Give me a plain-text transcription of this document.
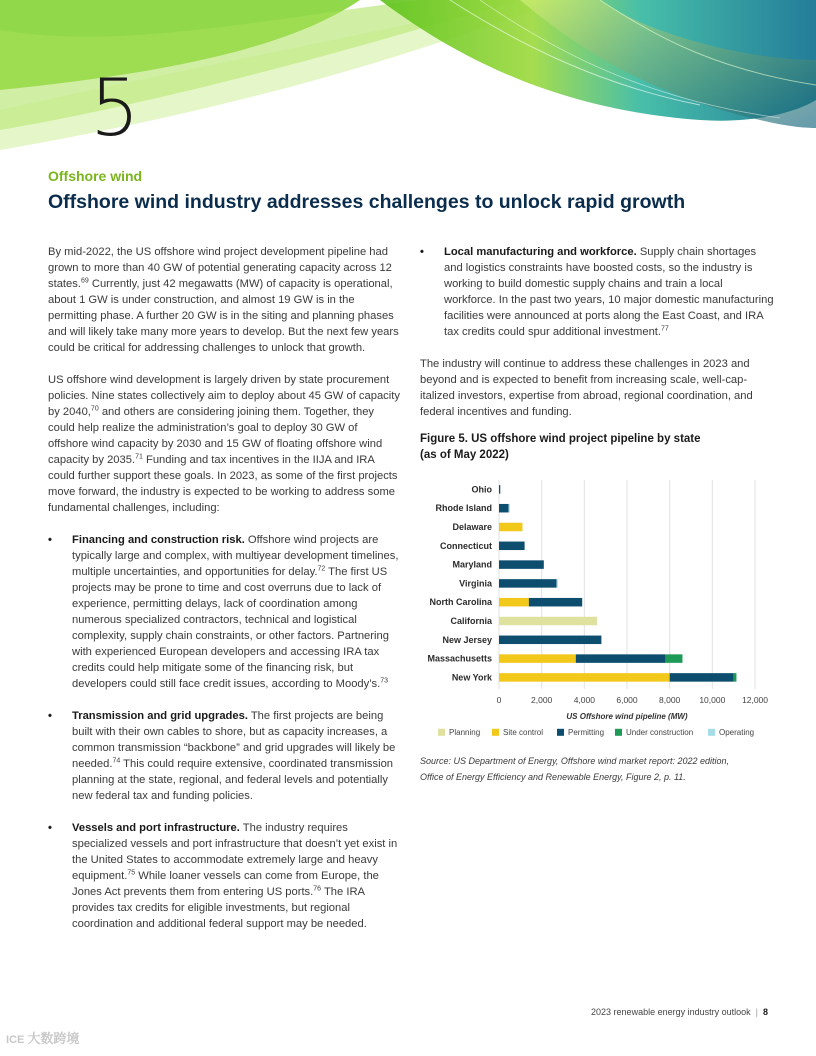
5
Offshore wind
Offshore wind industry addresses challenges to unlock rapid growth

By mid-2022, the US offshore wind project development pipeline had grown to more than 40 GW of potential generating capacity across 12 states.$^{69}$ Currently, just 42 megawatts (MW) of capacity is operational, about 1 GW is under construction, and almost 19 GW is in the permitting phase. A further 20 GW is in the siting and planning phases and will likely take many more years to develop. But the next few years could be critical for addressing challenges to unlock that growth.

US offshore wind development is largely driven by state procurement policies. Nine states collectively aim to deploy about 45 GW of capacity by 2040,70 and others are considering joining them. Together, they could help realize the administration’s goal to deploy 30 GW of offshore wind capacity by 2030 and 15 GW of floating offshore wind capacity by 2035.71 Funding and tax incentives in the IIJA and IRA could further support these goals. In 2023, as some of the first projects move forward, the industry is expected to be working to address some fundamental challenges, including:

• Financing and construction risk. Offshore wind projects are typically large and complex, with multiyear development timelines, multiple uncertainties, and opportunities for delay.$^{72}$ The first US projects may be prone to time and cost overruns due to lack of experience, permitting delays, lack of coordination among numerous specialized contractors, technical and logistical complexity, supply chain constraints, or other factors. Partnering with experienced European developers and accessing IRA tax credits could help mitigate some of the financing risk, but developers could still face credit issues, according to Moody’s.$^{73}$
• Transmission and grid upgrades. The first projects are being built with their own cables to shore, but as capacity increases, a common transmission “backbone” and grid upgrades will likely be needed.$^{74}$ This could require extensive, coordinated transmission planning at the state, regional, and federal levels and potentially new federal tax and funding policies.
• Vessels and port infrastructure. The industry requires specialized vessels and port infrastructure that doesn’t yet exist in the United States to accommodate extremely large and heavy equipment.$^{75}$ While loaner vessels can come from Europe, the Jones Act prevents them from entering US ports.$^{76}$ The IRA provides tax credits for eligible investments, but regional coordination and additional federal support may be needed.
• Local manufacturing and workforce. Supply chain shortages and logistics constraints have boosted costs, so the industry is working to build domestic supply chains and train a local workforce. In the past two years, 10 major domestic manufacturing facilities were announced at ports along the East Coast, and IRA tax credits could spur additional investment.$^{77}$

The industry will continue to address these challenges in 2023 and beyond and is expected to benefit from increasing scale, well-cap-italized investors, expertise from abroad, regional coordination, and federal incentives and funding.

Figure 5. US offshore wind project pipeline by state
(as of May 2022)
0	2,000	4,000	6,000	8,000 10,000 12,000
Ohio
Rhode Island
Delaware
Connecticut
Maryland
Virginia
North Carolina
California
New Jersey
Massachusetts
New York
US Offshore wind pipeline (MW)
Planning	Site control	Permitting	Under construction	Operating
Source: US Department of Energy, Offshore wind market report: 2022 edition,
Office of Energy Efficiency and Renewable Energy, Figure 2, p. 11.
2023 renewable energy industry outlook | 8
ICE 大数跨境
